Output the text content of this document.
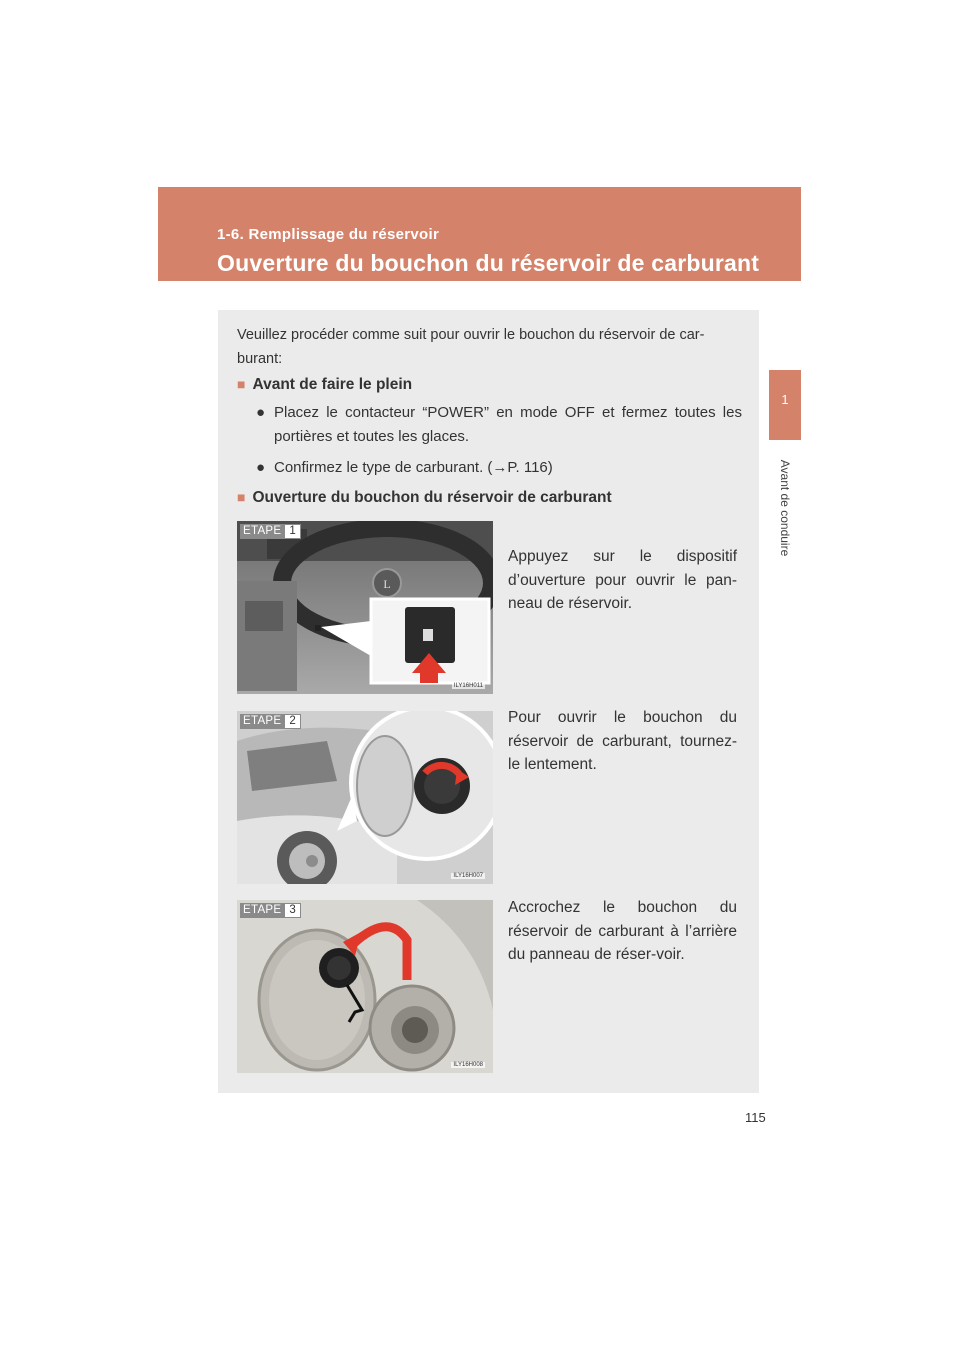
1-6. Remplissage du réservoir
Ouverture du bouchon du réservoir de carburant
1
Avant de conduire
Veuillez procéder comme suit pour ouvrir le bouchon du réservoir de car-burant:
■ Avant de faire le plein
● Placez le contacteur “POWER” en mode OFF et fermez toutes les portières et toutes les glaces.
● Confirmez le type de carburant. (→P. 116)
■ Ouverture du bouchon du réservoir de carburant
L
ETAPE 1
ILY16H011
Appuyez sur le dispositif d’ouverture pour ouvrir le pan-neau de réservoir.
ETAPE 2
ILY16H007
Pour ouvrir le bouchon du réservoir de carburant, tournez-le lentement.
ETAPE 3
ILY16H008
Accrochez le bouchon du réservoir de carburant à l’arrière du panneau de réser-voir.
115
